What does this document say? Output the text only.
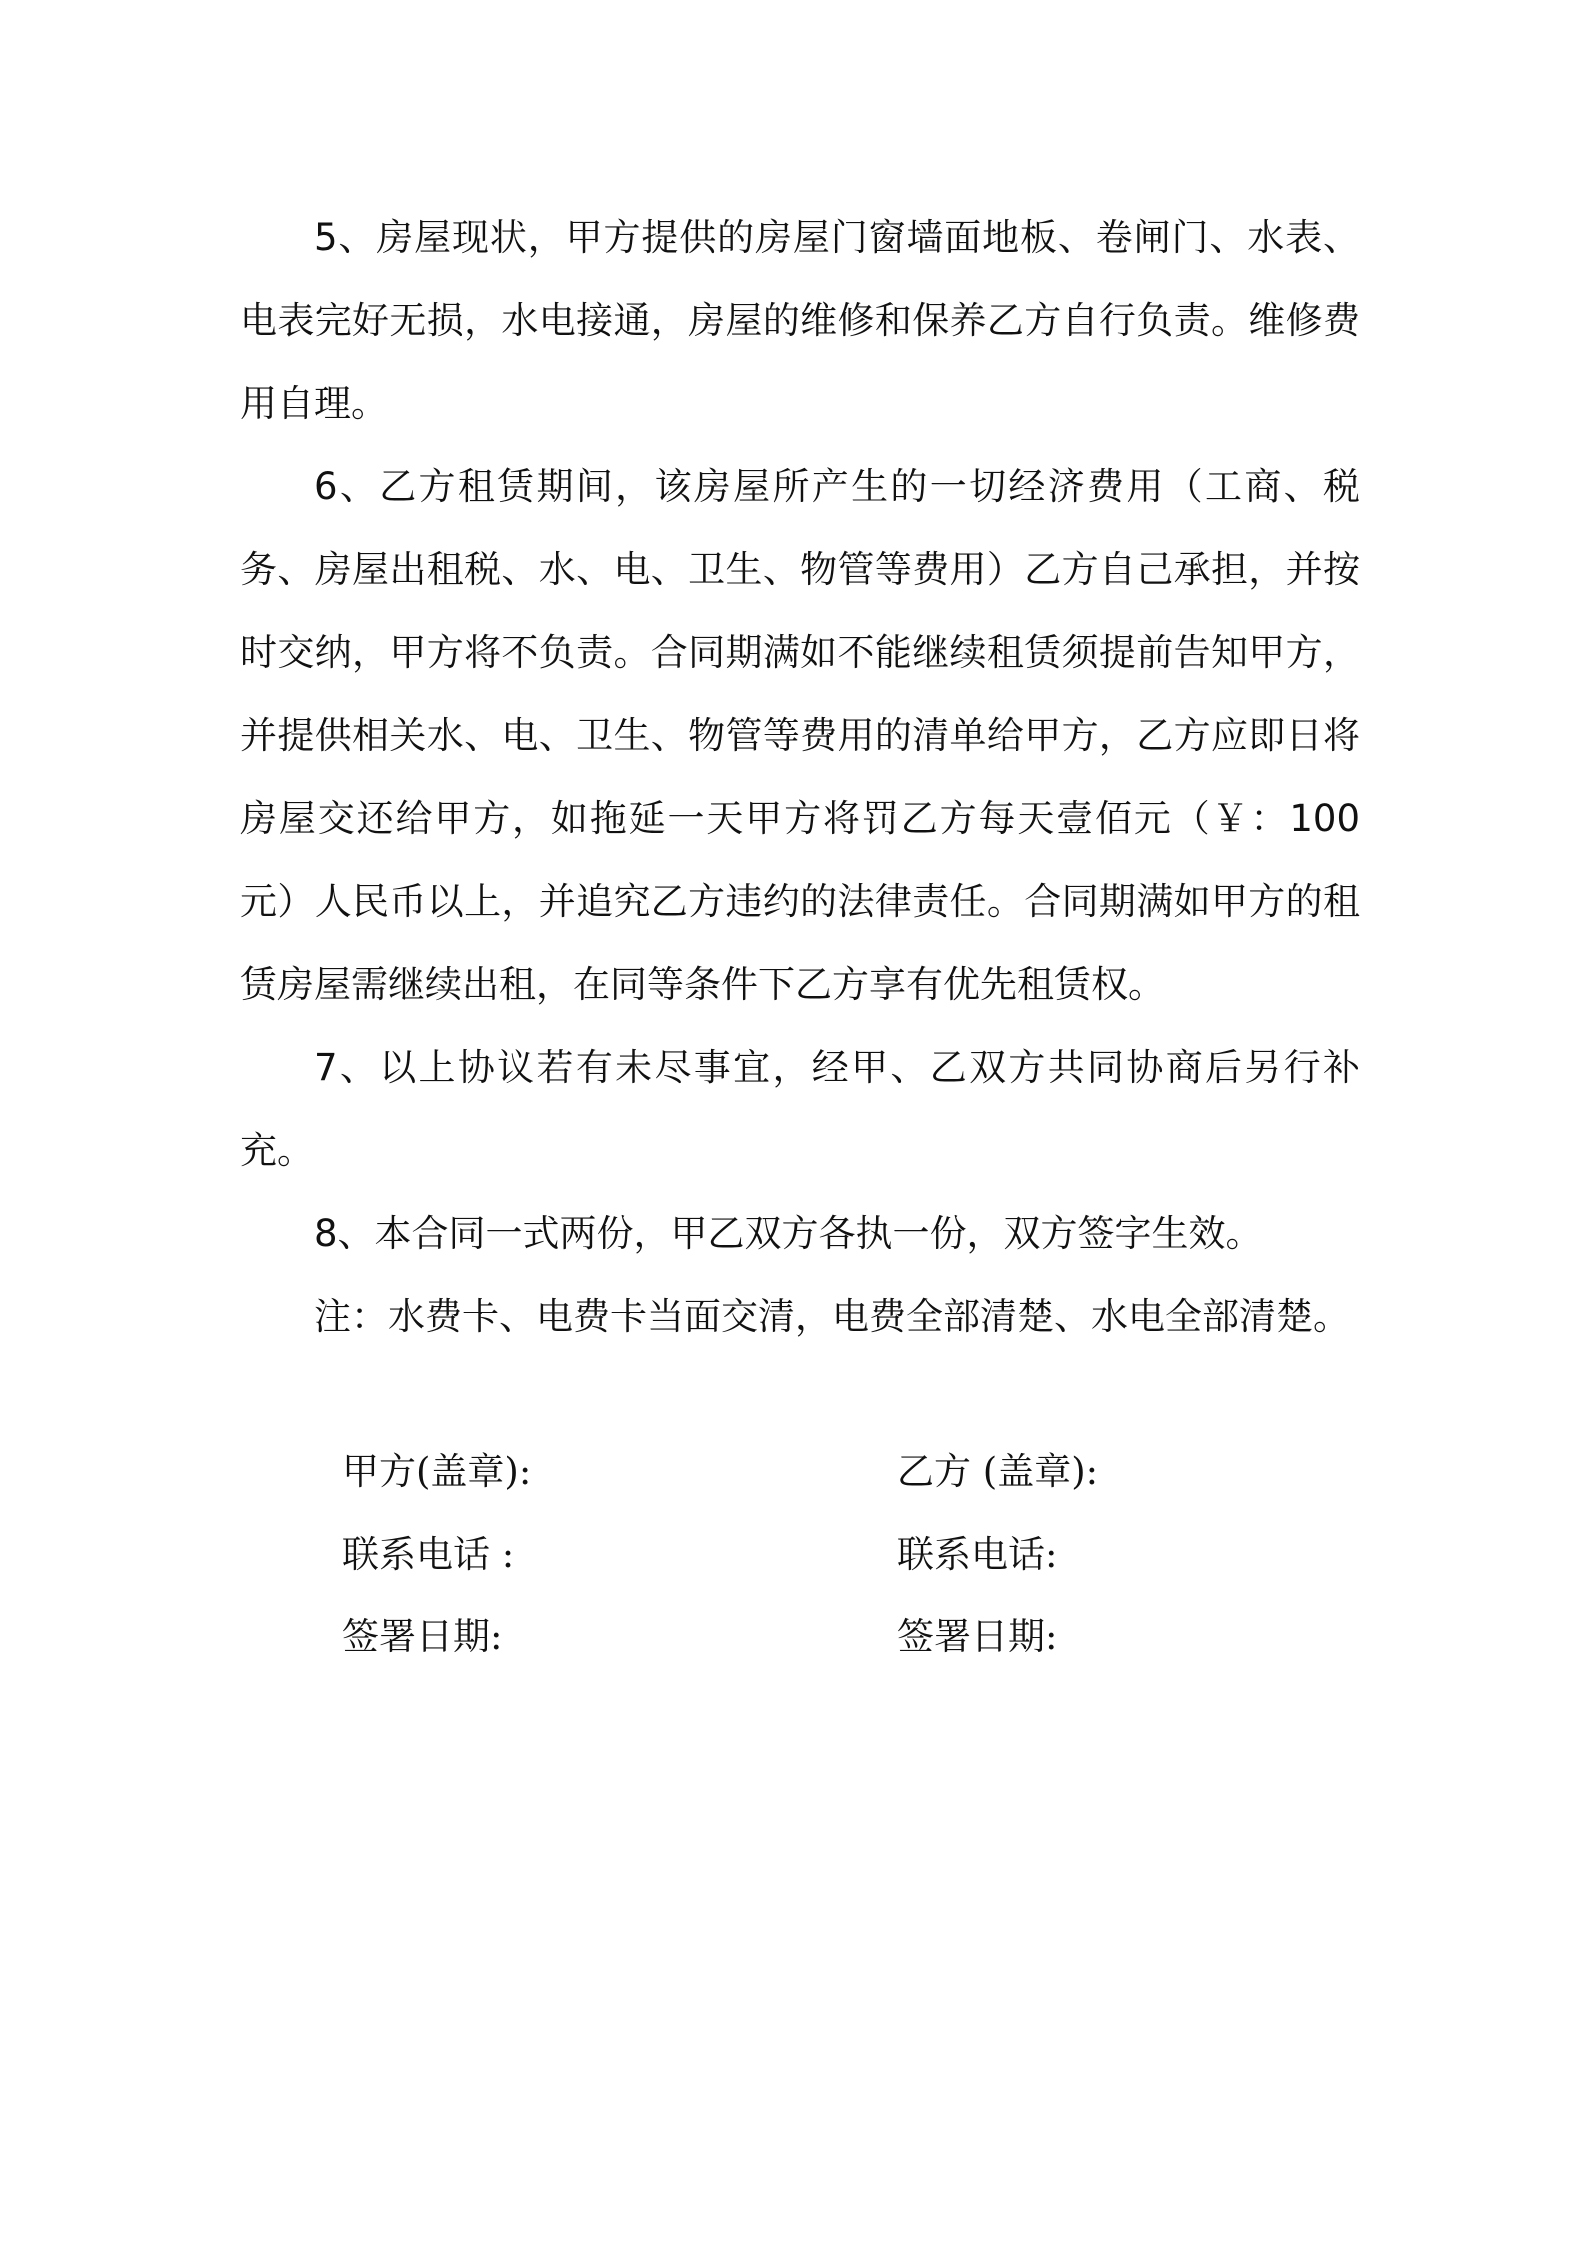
5、房屋现状，甲方提供的房屋门窗墙面地板、卷闸门、水表、电表完好无损，水电接通，房屋的维修和保养乙方自行负责。维修费用自理。

6、乙方租赁期间，该房屋所产生的一切经济费用（工商、税务、房屋出租税、水、电、卫生、物管等费用）乙方自己承担，并按时交纳，甲方将不负责。合同期满如不能继续租赁须提前告知甲方，并提供相关水、电、卫生、物管等费用的清单给甲方，乙方应即日将房屋交还给甲方，如拖延一天甲方将罚乙方每天壹佰元（￥：100 元）人民币以上，并追究乙方违约的法律责任。合同期满如甲方的租赁房屋需继续出租，在同等条件下乙方享有优先租赁权。

7、以上协议若有未尽事宜，经甲、乙双方共同协商后另行补充。

8、本合同一式两份，甲乙双方各执一份，双方签字生效。

注：水费卡、电费卡当面交清，电费全部清楚、水电全部清楚。

甲方(盖章):
联系电话 :
签署日期:
乙方 (盖章):
联系电话:
签署日期:
